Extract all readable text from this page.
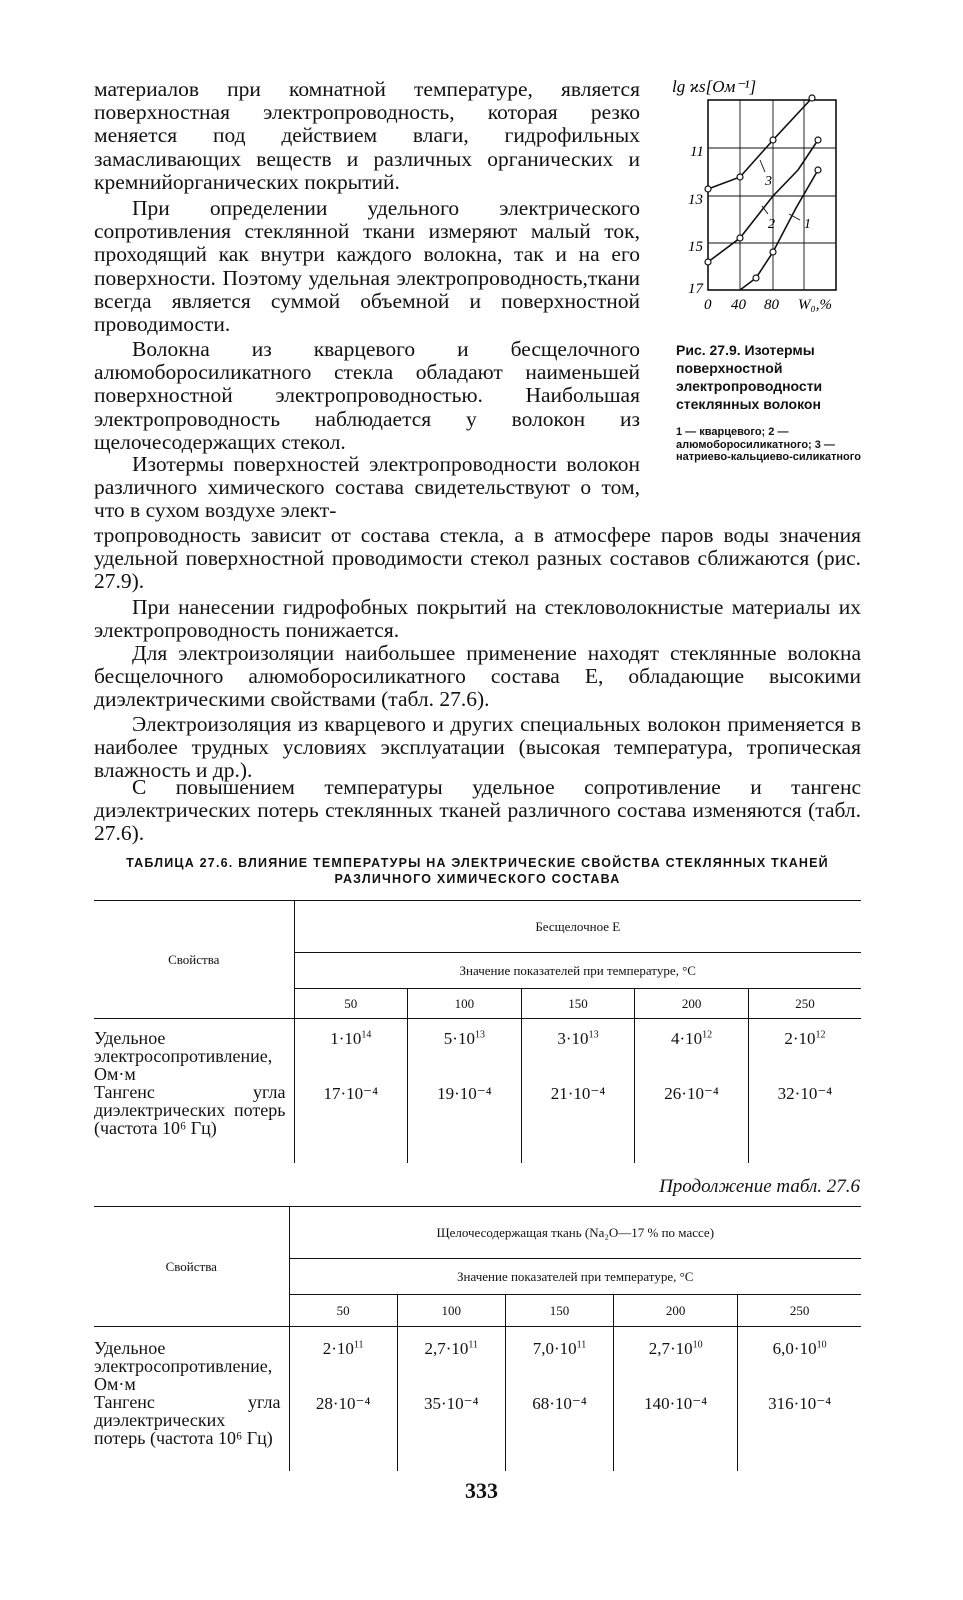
материалов при комнатной температуре, является поверхностная электропроводность, которая резко меняется под действием влаги, гидрофильных замасливающих веществ и различных органических и кремнийорганических покрытий.

При определении удельного электрического сопротивления стеклянной ткани измеряют малый ток, проходящий как внутри каждого волокна, так и на его поверхности. Поэтому удельная электропроводность,ткани всегда является суммой объемной и поверхностной проводимости.

Волокна из кварцевого и бесщелочного алюмоборосиликатного стекла обладают наименьшей поверхностной электропроводностью. Наибольшая электропроводность наблюдается у волокон из щелочесодержащих стекол.

Изотермы поверхностей электропроводности волокон различного химического состава свидетельствуют о том, что в сухом воздухе элект-

тропроводность зависит от состава стекла, а в атмосфере паров воды значения удельной поверхностной проводимости стекол разных составов сближаются (рис. 27.9).

При нанесении гидрофобных покрытий на стекловолокнистые материалы их электропроводность понижается.

Для электроизоляции наибольшее применение находят стеклянные волокна бесщелочного алюмоборосиликатного состава Е, обладающие высокими диэлектрическими свойствами (табл. 27.6).

Электроизоляция из кварцевого и других специальных волокон применяется в наиболее трудных условиях эксплуатации (высокая температура, тропическая влажность и др.).

С повышением температуры удельное сопротивление и тангенс диэлектрических потерь стеклянных тканей различного состава изменяются (табл. 27.6).

lg ϰs[Ом⁻¹]
11
13
15
17
0 40 80 W₀,%
3
2 1
Рис. 27.9. Изотермы поверхностной электропроводности стеклянных волокон
1 — кварцевого; 2 — алюмоборосиликатного; 3 — натриево-кальциево-силикатного
ТАБЛИЦА 27.6. ВЛИЯНИЕ ТЕМПЕРАТУРЫ НА ЭЛЕКТРИЧЕСКИЕ СВОЙСТВА СТЕКЛЯННЫХ ТКАНЕЙ РАЗЛИЧНОГО ХИМИЧЕСКОГО СОСТАВА
Свойства	Бесщелочное Е				
	Значение показателей при температуре, °С				
	50	100	150	200	250
Удельное электросопротивление, Ом·м	$1\cdot 10^{14}$	$5\cdot 10^{13}$	$3\cdot 10^{13}$	$4\cdot 10^{12}$	$2\cdot 10^{12}$
Тангенс угла диэлектрических потерь (частота 10⁶ Гц)	17·10⁻⁴	19·10⁻⁴	21·10⁻⁴	26·10⁻⁴	32·10⁻⁴
Продолжение табл. 27.6
Свойства	Щелочесодержащая ткань (Na₂O—17 % по массе)				
	Значение показателей при температуре, °С				
	50	100	150	200	250
Удельное электросопротивление, Ом·м	$2\cdot 10^{11}$	$2,7\cdot 10^{11}$	$7,0\cdot 10^{11}$	$2,7\cdot 10^{10}$	$6,0\cdot 10^{10}$
Тангенс угла диэлектрических потерь (частота 10⁶ Гц)	28·10⁻⁴	35·10⁻⁴	68·10⁻⁴	140·10⁻⁴	316·10⁻⁴
333
